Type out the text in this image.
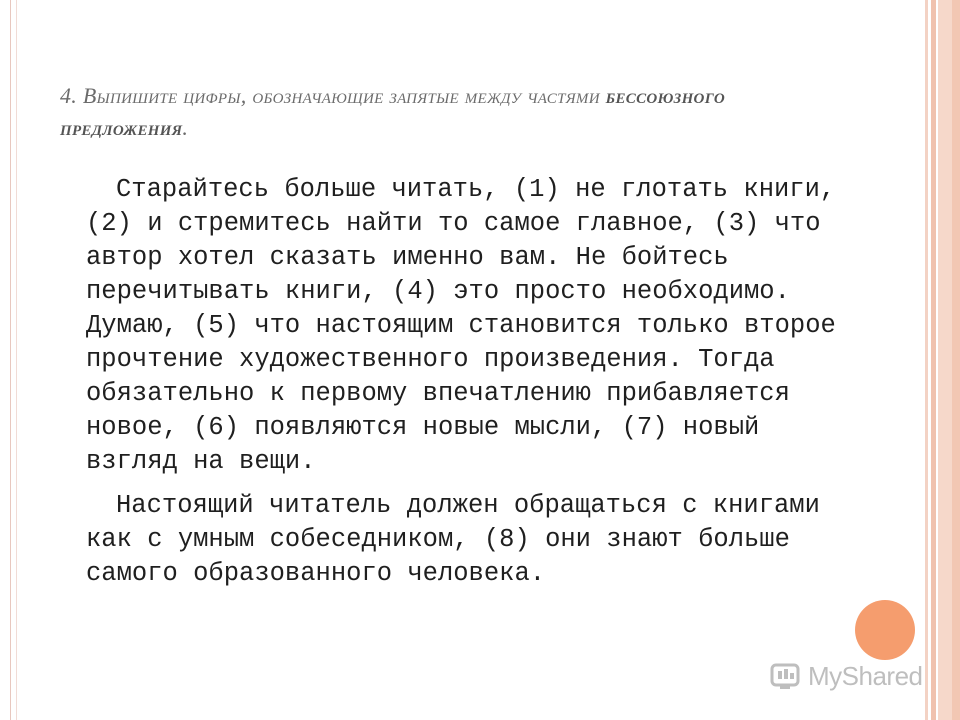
4. Выпишите цифры, обозначающие запятые между частями бессоюзного предложения.

Старайтесь больше читать, (1) не глотать книги, (2) и стремитесь найти то самое главное, (3) что автор хотел сказать именно вам. Не бойтесь перечитывать книги, (4) это просто необходимо. Думаю, (5) что настоящим становится только второе прочтение художественного произведения. Тогда обязательно к первому впечатлению прибавляется новое, (6) появляются новые мысли, (7) новый взгляд на вещи.

Настоящий читатель должен обращаться с книгами как с умным собеседником, (8) они знают больше самого образованного человека.

MyShared
